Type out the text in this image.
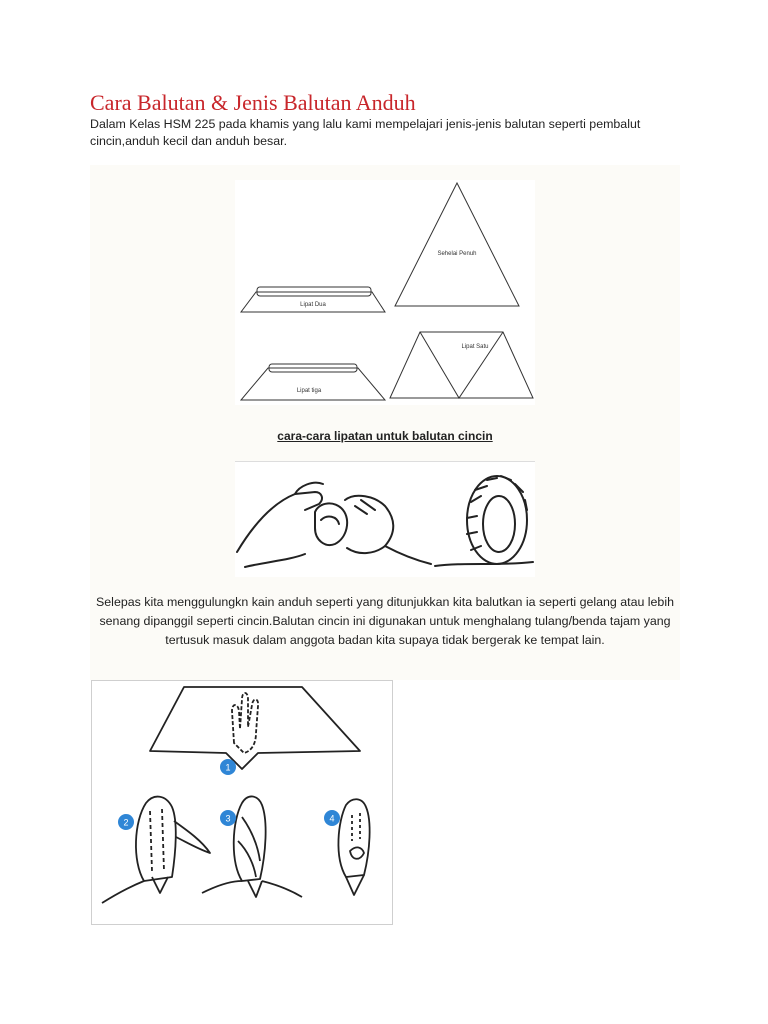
Cara Balutan & Jenis Balutan Anduh

Dalam Kelas HSM 225 pada khamis yang lalu kami mempelajari jenis-jenis balutan seperti pembalut cincin,anduh kecil dan anduh besar.

Sehelai Penuh
Lipat Dua
Lipat Satu
Lipat tiga

cara-cara lipatan untuk balutan cincin

Selepas kita menggulungkn kain anduh seperti yang ditunjukkan kita balutkan ia seperti gelang atau lebih senang dipanggil seperti cincin.Balutan cincin ini digunakan untuk menghalang tulang/benda tajam yang tertusuk masuk dalam anggota badan kita supaya tidak bergerak ke tempat lain.

1
2	3	4
